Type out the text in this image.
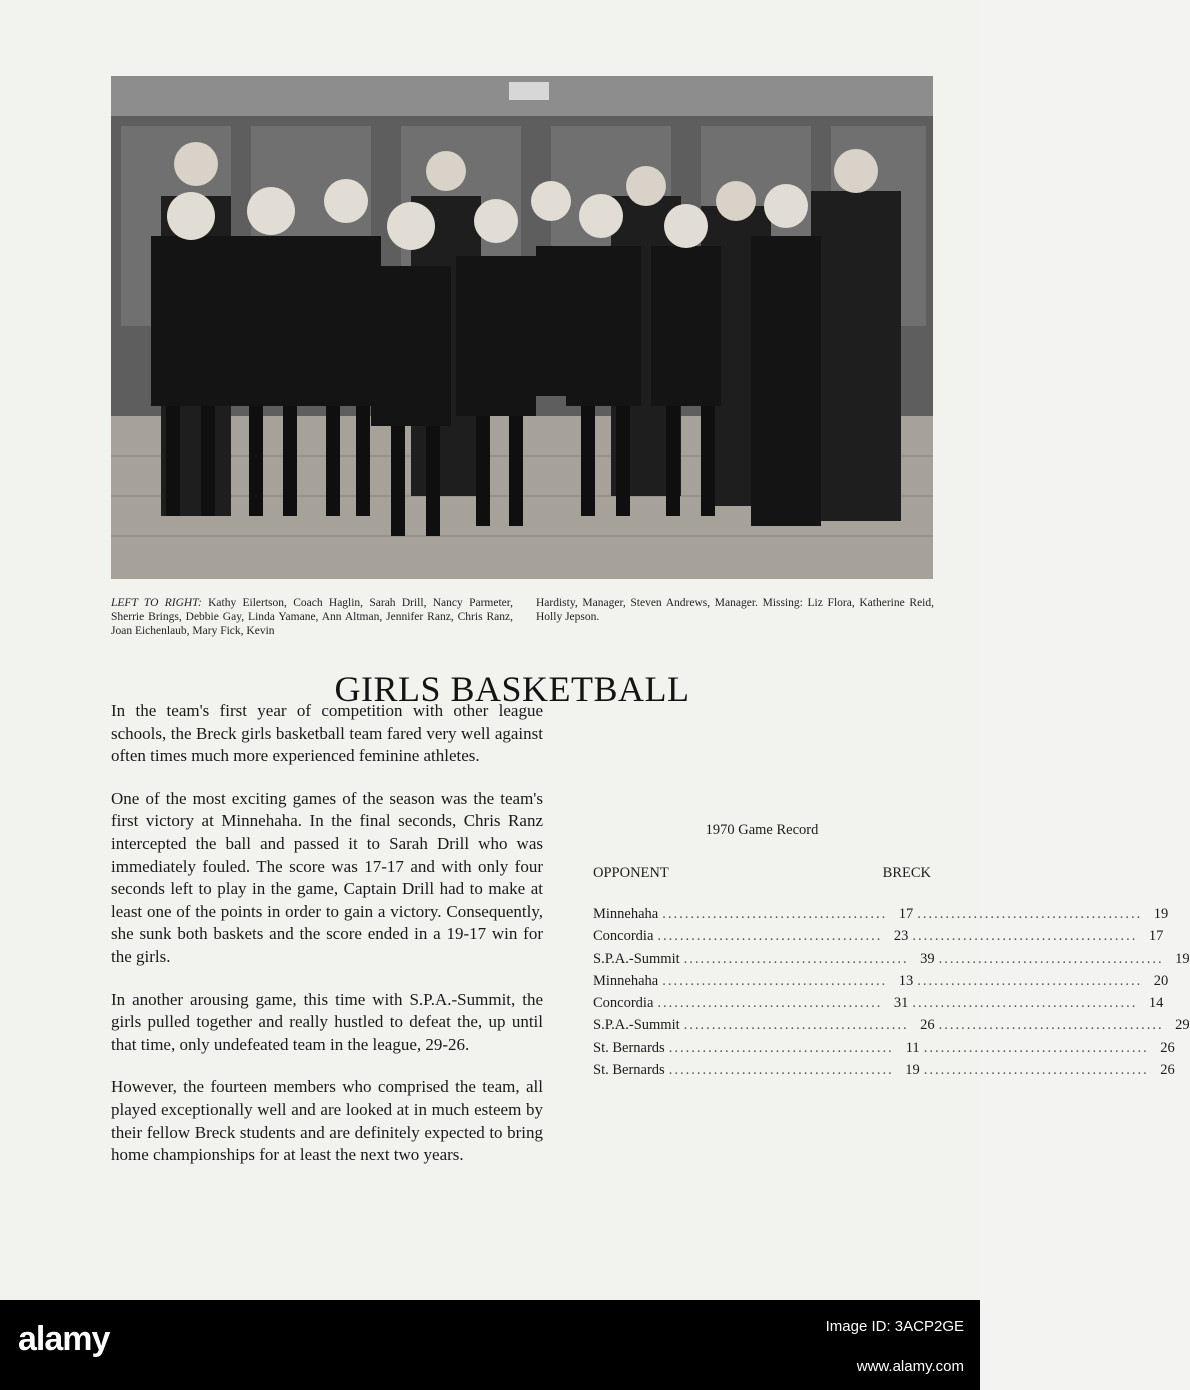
LEFT TO RIGHT: Kathy Eilertson, Coach Haglin, Sarah Drill, Nancy Parmeter, Sherrie Brings, Debbie Gay, Linda Yamane, Ann Altman, Jennifer Ranz, Chris Ranz, Joan Eichenlaub, Mary Fick, Kevin
Hardisty, Manager, Steven Andrews, Manager. Missing: Liz Flora, Katherine Reid, Holly Jepson.
GIRLS BASKETBALL

In the team's first year of competition with other league schools, the Breck girls basketball team fared very well against often times much more experienced feminine athletes.

One of the most exciting games of the season was the team's first victory at Minnehaha. In the final seconds, Chris Ranz intercepted the ball and passed it to Sarah Drill who was immediately fouled. The score was 17-17 and with only four seconds left to play in the game, Captain Drill had to make at least one of the points in order to gain a victory. Consequently, she sunk both baskets and the score ended in a 19-17 win for the girls.

In another arousing game, this time with S.P.A.-Summit, the girls pulled together and really hustled to defeat the, up until that time, only undefeated team in the league, 29-26.

However, the fourteen members who comprised the team, all played exceptionally well and are looked at in much esteem by their fellow Breck students and are definitely expected to bring home championships for at least the next two years.

1970 Game Record
OPPONENT	BRECK
Minnehaha ........................................ 17 ........................................ 19
Concordia ........................................ 23 ........................................ 17
S.P.A.-Summit ........................................ 39 ........................................ 19
Minnehaha ........................................ 13 ........................................ 20
Concordia ........................................ 31 ........................................ 14
S.P.A.-Summit ........................................ 26 ........................................ 29
St. Bernards ........................................ 11 ........................................ 26
St. Bernards ........................................ 19 ........................................ 26
alamy	Image ID: 3ACP2GE
www.alamy.com
